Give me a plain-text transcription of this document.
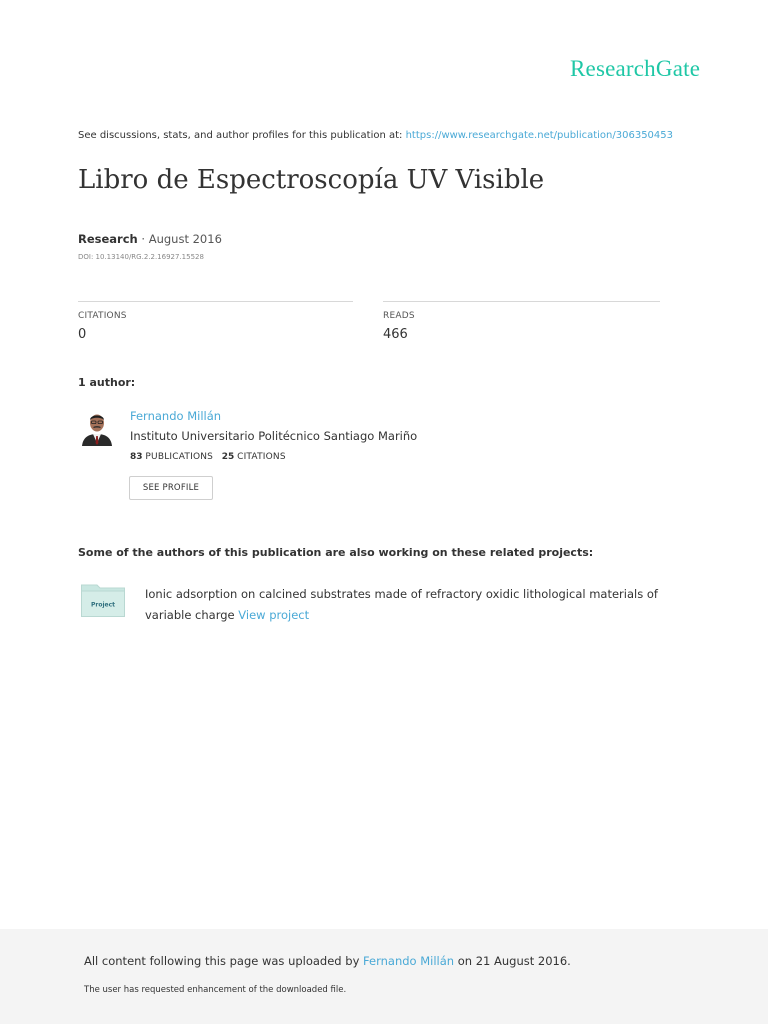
ResearchGate
See discussions, stats, and author profiles for this publication at: https://www.researchgate.net/publication/306350453
Libro de Espectroscopía UV Visible
Research · August 2016
DOI: 10.13140/RG.2.2.16927.15528
CITATIONS
0
READS
466
1 author:
Fernando Millán
Instituto Universitario Politécnico Santiago Mariño
83 PUBLICATIONS 25 CITATIONS
SEE PROFILE
Some of the authors of this publication are also working on these related projects:
Project
Ionic adsorption on calcined substrates made of refractory oxidic lithological materials of variable charge View project
All content following this page was uploaded by Fernando Millán on 21 August 2016.
The user has requested enhancement of the downloaded file.
